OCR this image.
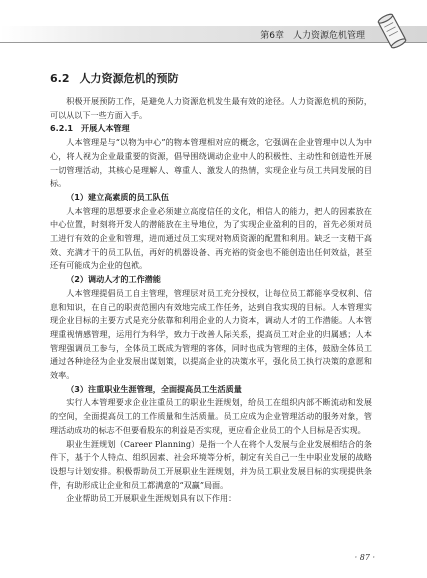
第6章　人力资源危机管理
6.2 人力资源危机的预防

积极开展预防工作，是避免人力资源危机发生最有效的途径。人力资源危机的预防，可以从以下一些方面入手。

6.2.1 开展人本管理

人本管理是与“以物为中心”的物本管理相对应的概念，它强调在企业管理中以人为中心，将人视为企业最重要的资源，倡导围绕调动企业中人的积极性、主动性和创造性开展一切管理活动，其核心是理解人、尊重人、激发人的热情，实现企业与员工共同发展的目标。

（1）建立高素质的员工队伍

人本管理的思想要求企业必须建立高度信任的文化，相信人的能力，把人的因素放在中心位置，时刻将开发人的潜能放在主导地位，为了实现企业盈利的目的，首先必须对员工进行有效的企业和管理，进而通过员工实现对物质资源的配置和利用。缺乏一支精干高效、充满才干的员工队伍，再好的机器设备、再充裕的资金也不能创造出任何效益，甚至还有可能成为企业的包袱。

（2）调动人才的工作潜能

人本管理提倡员工自主管理，管理层对员工充分授权，让每位员工都能享受权利、信息和知识，在自己的职责范围内有效地完成工作任务，达到自我实现的目标。人本管理实现企业目标的主要方式是充分依靠和利用企业的人力资本，调动人才的工作潜能。人本管理重视情感管理，运用行为科学，致力于改善人际关系，提高员工对企业的归属感；人本管理强调员工参与，全体员工既成为管理的客体，同时也成为管理的主体，鼓励全体员工通过各种途径为企业发展出谋划策，以提高企业的决策水平，强化员工执行决策的意愿和效率。

（3）注重职业生涯管理，全面提高员工生活质量

实行人本管理要求企业注重员工的职业生涯规划，给员工在组织内部不断流动和发展的空间，全面提高员工的工作质量和生活质量。员工应成为企业管理活动的服务对象，管理活动成功的标志不但要看股东的利益是否实现，更应看企业员工的个人目标是否实现。

职业生涯规划（Career Planning）是指一个人在将个人发展与企业发展相结合的条件下，基于个人特点、组织因素、社会环境等分析，制定有关自己一生中职业发展的战略设想与计划安排。积极帮助员工开展职业生涯规划，并为员工职业发展目标的实现提供条件，有助形成让企业和员工都满意的“双赢”局面。

企业帮助员工开展职业生涯规划具有以下作用：

· 87 ·
